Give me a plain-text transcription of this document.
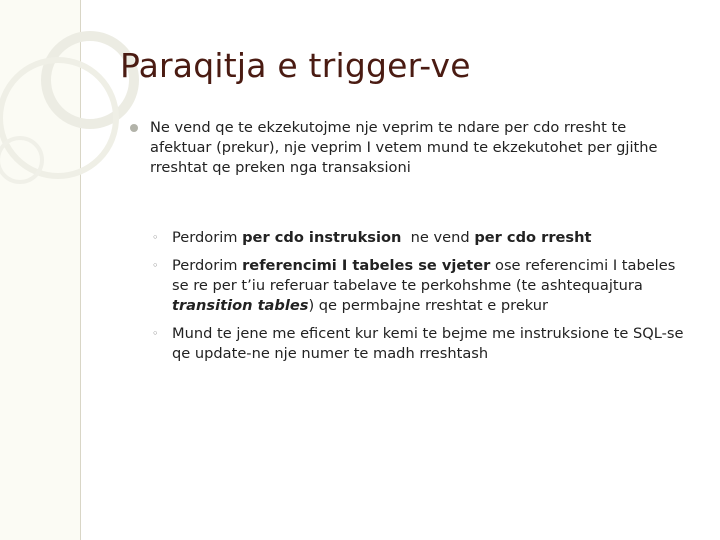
Paraqitja e trigger-ve

Ne vend qe te ekzekutojme nje veprim te ndare per cdo rresht te afektuar (prekur), nje veprim I vetem mund te ekzekutohet per gjithe rreshtat qe preken nga transaksioni

◦ Perdorim per cdo instruksion  ne vend per cdo rresht
◦ Perdorim referencimi I tabeles se vjeter ose referencimi I tabeles se re per t’iu referuar tabelave te perkohshme (te ashtequajtura transition tables) qe permbajne rreshtat e prekur
◦ Mund te jene me eficent kur kemi te bejme me instruksione te SQL-se qe update-ne nje numer te madh rreshtash
